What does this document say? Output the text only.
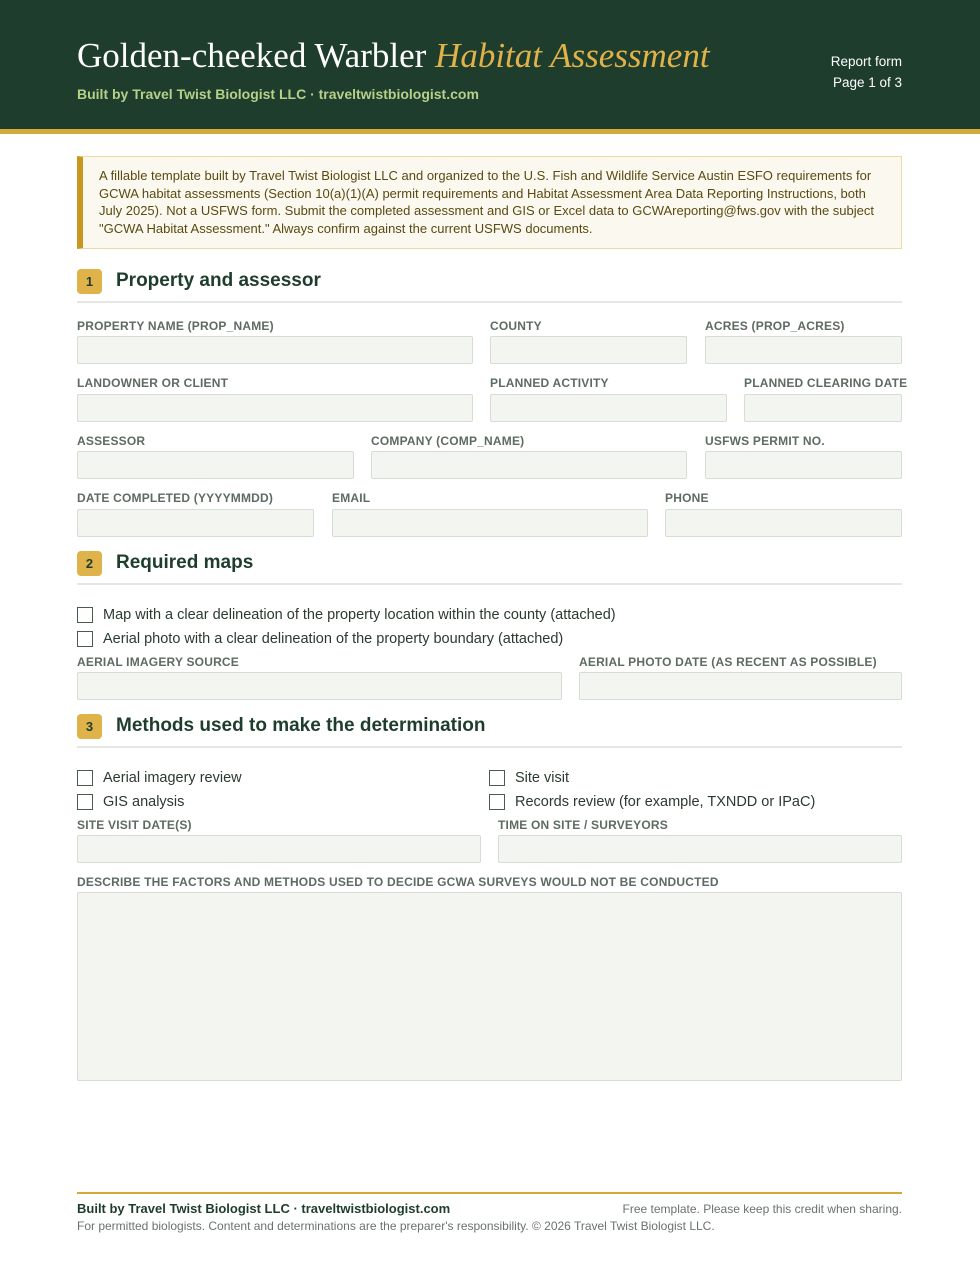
Golden-cheeked Warbler Habitat Assessment
Built by Travel Twist Biologist LLC · traveltwistbiologist.com
Report form
Page 1 of 3
A fillable template built by Travel Twist Biologist LLC and organized to the U.S. Fish and Wildlife Service Austin ESFO requirements for GCWA habitat assessments (Section 10(a)(1)(A) permit requirements and Habitat Assessment Area Data Reporting Instructions, both July 2025). Not a USFWS form. Submit the completed assessment and GIS or Excel data to GCWAreporting@fws.gov with the subject "GCWA Habitat Assessment." Always confirm against the current USFWS documents.
1	Property and assessor
PROPERTY NAME (PROP_NAME)	COUNTY	ACRES (PROP_ACRES)
LANDOWNER OR CLIENT	PLANNED ACTIVITY	PLANNED CLEARING DATE
ASSESSOR	COMPANY (COMP_NAME)	USFWS PERMIT NO.
DATE COMPLETED (YYYYMMDD)	EMAIL	PHONE
2	Required maps
Map with a clear delineation of the property location within the county (attached)
Aerial photo with a clear delineation of the property boundary (attached)
AERIAL IMAGERY SOURCE	AERIAL PHOTO DATE (AS RECENT AS POSSIBLE)
3	Methods used to make the determination
Aerial imagery review	Site visit
GIS analysis	Records review (for example, TXNDD or IPaC)
SITE VISIT DATE(S)	TIME ON SITE / SURVEYORS
DESCRIBE THE FACTORS AND METHODS USED TO DECIDE GCWA SURVEYS WOULD NOT BE CONDUCTED
Built by Travel Twist Biologist LLC · traveltwistbiologist.com	Free template. Please keep this credit when sharing.
For permitted biologists. Content and determinations are the preparer's responsibility. © 2026 Travel Twist Biologist LLC.
